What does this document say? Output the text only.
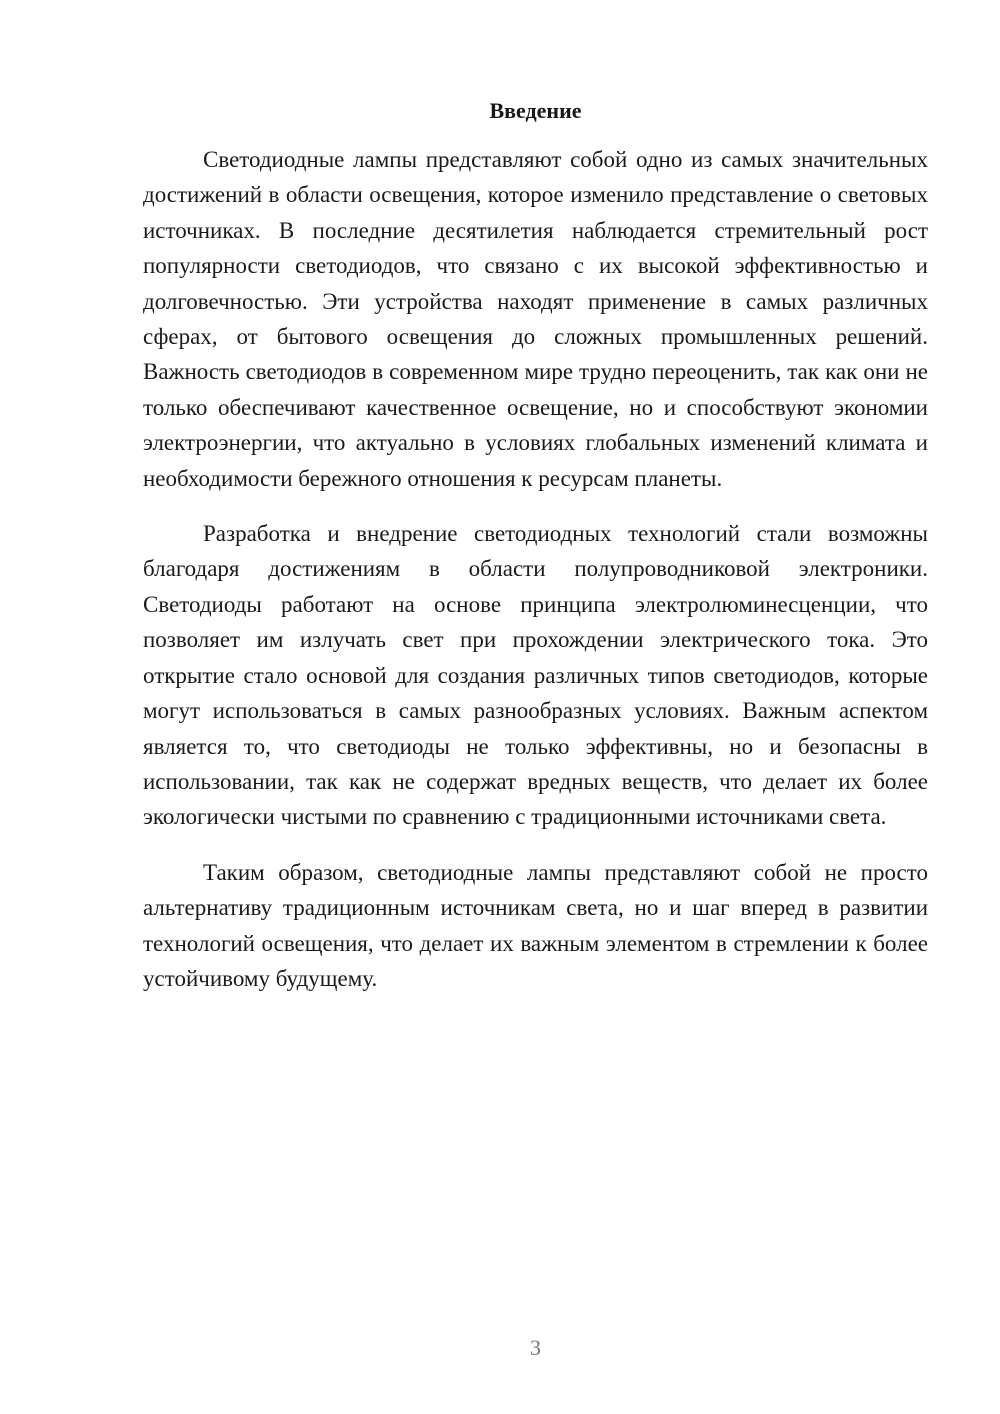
Введение

Светодиодные лампы представляют собой одно из самых значительных достижений в области освещения, которое изменило представление о световых источниках. В последние десятилетия наблюдается стремительный рост популярности светодиодов, что связано с их высокой эффективностью и долговечностью. Эти устройства находят применение в самых различных сферах, от бытового освещения до сложных промышленных решений. Важность светодиодов в современном мире трудно переоценить, так как они не только обеспечивают качественное освещение, но и способствуют экономии электроэнергии, что актуально в условиях глобальных изменений климата и необходимости бережного отношения к ресурсам планеты.

Разработка и внедрение светодиодных технологий стали возможны благодаря достижениям в области полупроводниковой электроники. Светодиоды работают на основе принципа электролюминесценции, что позволяет им излучать свет при прохождении электрического тока. Это открытие стало основой для создания различных типов светодиодов, которые могут использоваться в самых разнообразных условиях. Важным аспектом является то, что светодиоды не только эффективны, но и безопасны в использовании, так как не содержат вредных веществ, что делает их более экологически чистыми по сравнению с традиционными источниками света.

Таким образом, светодиодные лампы представляют собой не просто альтернативу традиционным источникам света, но и шаг вперед в развитии технологий освещения, что делает их важным элементом в стремлении к более устойчивому будущему.

3
